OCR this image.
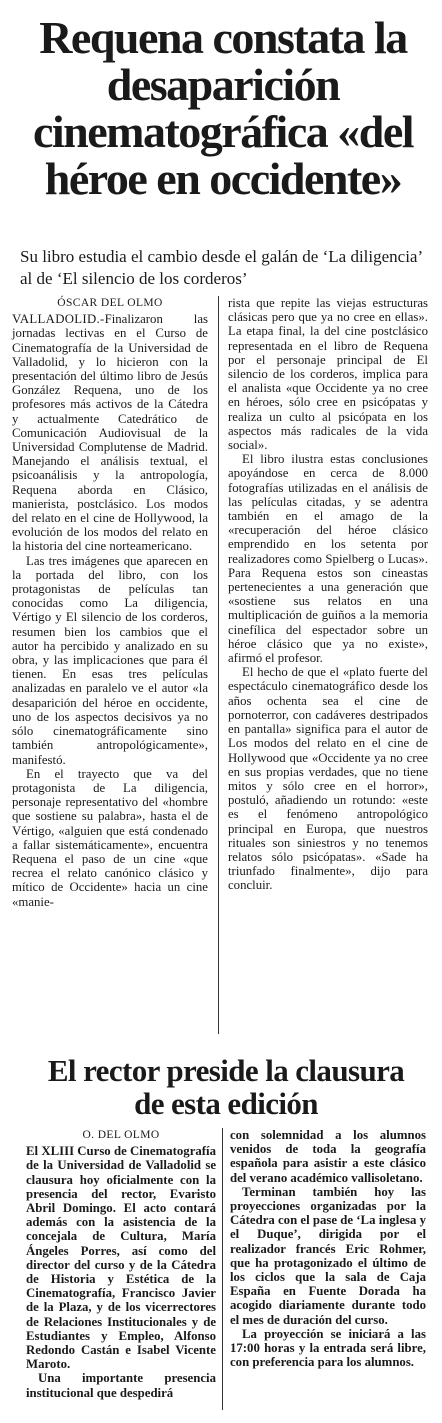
Requena constata la desaparición cinematográfica «del héroe en occidente»

Su libro estudia el cambio desde el galán de ‘La diligencia’ al de ‘El silencio de los corderos’

ÓSCAR DEL OLMO

VALLADOLID.-Finalizaron las jornadas lectivas en el Curso de Cinematografía de la Universidad de Valladolid, y lo hicieron con la presentación del último libro de Jesús González Requena, uno de los profesores más activos de la Cátedra y actualmente Catedrático de Comunicación Audiovisual de la Universidad Complutense de Madrid. Manejando el análisis textual, el psicoanálisis y la antropología, Requena aborda en Clásico, manierista, postclásico. Los modos del relato en el cine de Hollywood, la evolución de los modos del relato en la historia del cine norteamericano.

Las tres imágenes que aparecen en la portada del libro, con los protagonistas de películas tan conocidas como La diligencia, Vértigo y El silencio de los corderos, resumen bien los cambios que el autor ha percibido y analizado en su obra, y las implicaciones que para él tienen. En esas tres películas analizadas en paralelo ve el autor «la desaparición del héroe en occidente, uno de los aspectos decisivos ya no sólo cinematográficamente sino también antropológicamente», manifestó.

En el trayecto que va del protagonista de La diligencia, personaje representativo del «hombre que sostiene su palabra», hasta el de Vértigo, «alguien que está condenado a fallar sistemáticamente», encuentra Requena el paso de un cine «que recrea el relato canónico clásico y mítico de Occidente» hacia un cine «manie-

rista que repite las viejas estructuras clásicas pero que ya no cree en ellas». La etapa final, la del cine postclásico representada en el libro de Requena por el personaje principal de El silencio de los corderos, implica para el analista «que Occidente ya no cree en héroes, sólo cree en psicópatas y realiza un culto al psicópata en los aspectos más radicales de la vida social».

El libro ilustra estas conclusiones apoyándose en cerca de 8.000 fotografías utilizadas en el análisis de las películas citadas, y se adentra también en el amago de la «recuperación del héroe clásico emprendido en los setenta por realizadores como Spielberg o Lucas». Para Requena estos son cineastas pertenecientes a una generación que «sostiene sus relatos en una multiplicación de guiños a la memoria cinefílica del espectador sobre un héroe clásico que ya no existe», afirmó el profesor.

El hecho de que el «plato fuerte del espectáculo cinematográfico desde los años ochenta sea el cine de pornoterror, con cadáveres destripados en pantalla» significa para el autor de Los modos del relato en el cine de Hollywood que «Occidente ya no cree en sus propias verdades, que no tiene mitos y sólo cree en el horror», postuló, añadiendo un rotundo: «este es el fenómeno antropológico principal en Europa, que nuestros rituales son siniestros y no tenemos relatos sólo psicópatas». «Sade ha triunfado finalmente», dijo para concluir.

El rector preside la clausura de esta edición
O. DEL OLMO

El XLIII Curso de Cinematografía de la Universidad de Valladolid se clausura hoy oficialmente con la presencia del rector, Evaristo Abril Domingo. El acto contará además con la asistencia de la concejala de Cultura, María Ángeles Porres, así como del director del curso y de la Cátedra de Historia y Estética de la Cinematografía, Francisco Javier de la Plaza, y de los vicerrectores de Relaciones Institucionales y de Estudiantes y Empleo, Alfonso Redondo Castán e Isabel Vicente Maroto.

Una importante presencia institucional que despedirá

con solemnidad a los alumnos venidos de toda la geografía española para asistir a este clásico del verano académico vallisoletano.

Terminan también hoy las proyecciones organizadas por la Cátedra con el pase de ‘La inglesa y el Duque’, dirigida por el realizador francés Eric Rohmer, que ha protagonizado el último de los ciclos que la sala de Caja España en Fuente Dorada ha acogido diariamente durante todo el mes de duración del curso.

La proyección se iniciará a las 17:00 horas y la entrada será libre, con preferencia para los alumnos.
